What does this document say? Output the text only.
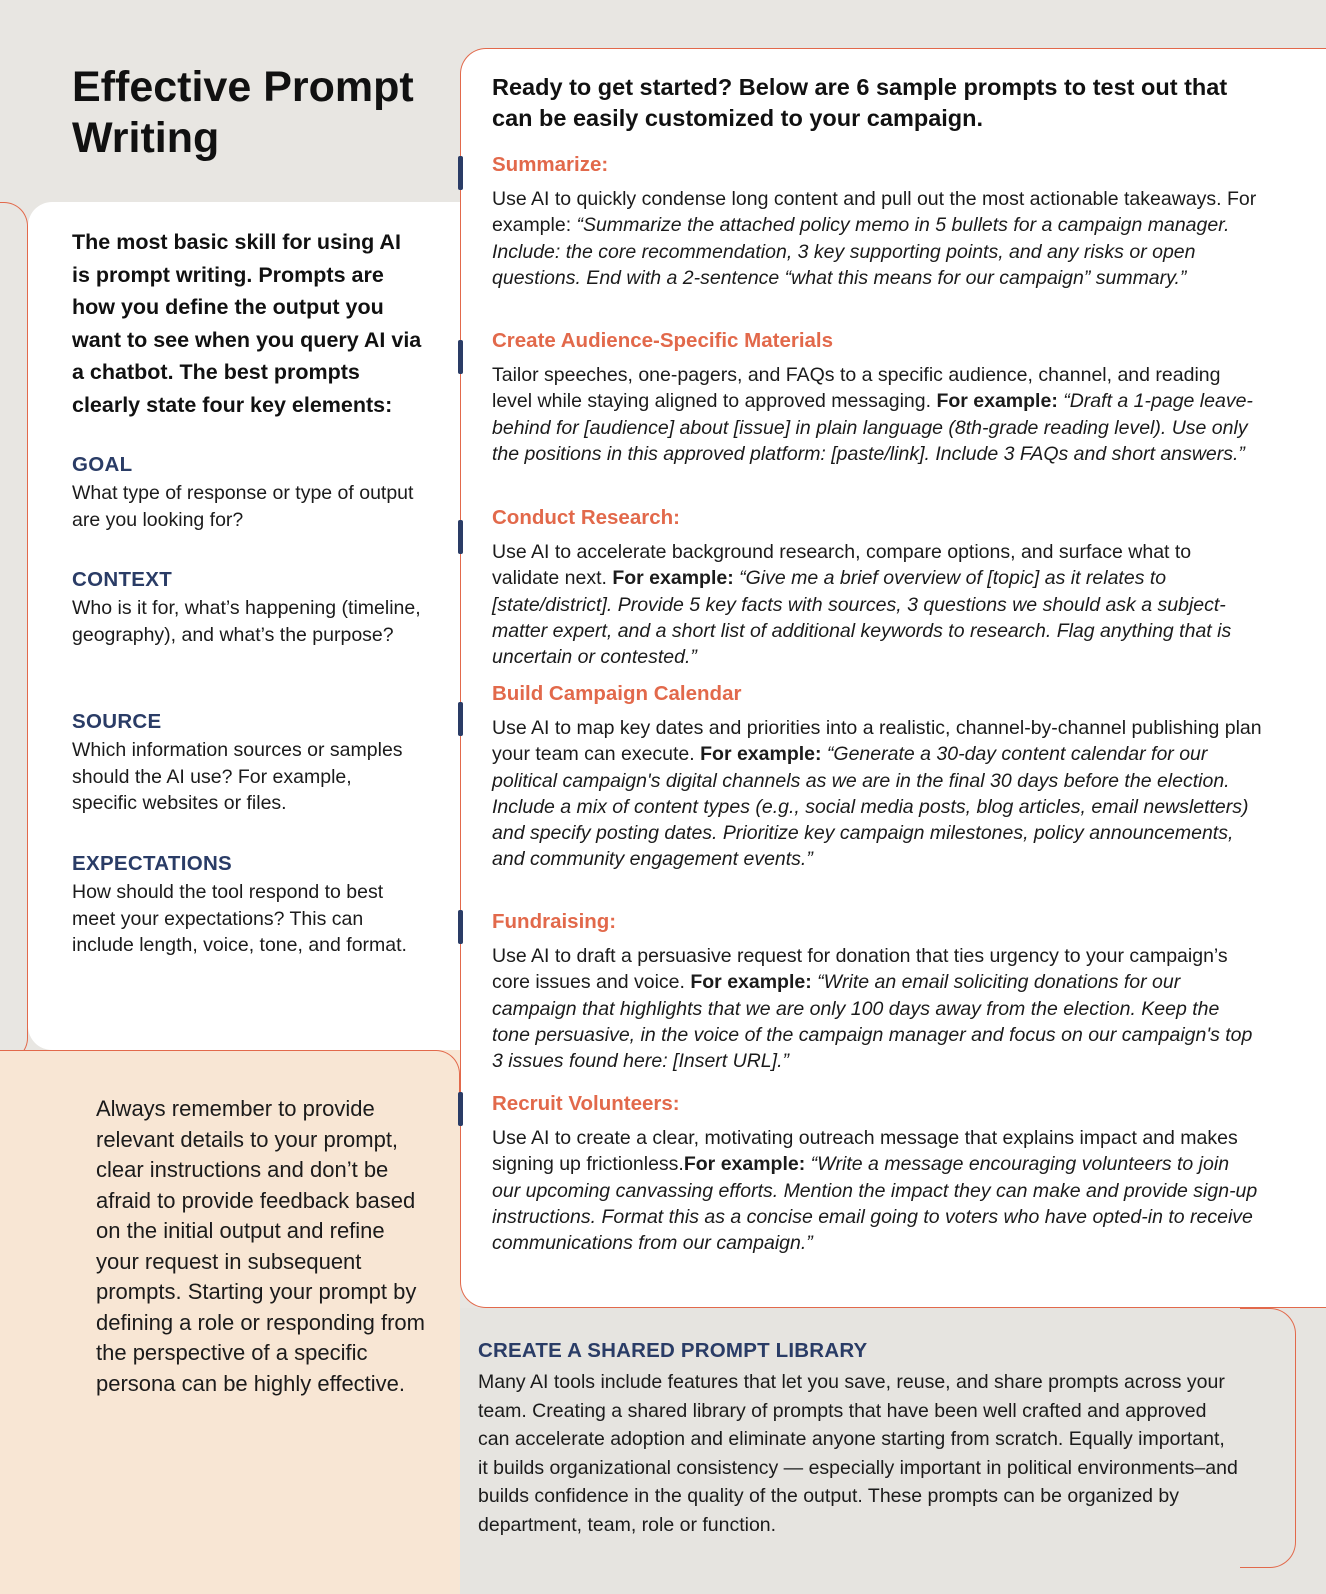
Effective Prompt Writing

The most basic skill for using AI is prompt writing. Prompts are how you define the output you want to see when you query AI via a chatbot. The best prompts clearly state four key elements:

GOAL

What type of response or type of output are you looking for?

CONTEXT

Who is it for, what’s happening (timeline, geography), and what’s the purpose?

SOURCE

Which information sources or samples should the AI use? For example, specific websites or files.

EXPECTATIONS

How should the tool respond to best meet your expectations? This can include length, voice, tone, and format.

Always remember to provide relevant details to your prompt, clear instructions and don’t be afraid to provide feedback based on the initial output and refine your request in subsequent prompts. Starting your prompt by defining a role or responding from the perspective of a specific persona can be highly effective.

Ready to get started? Below are 6 sample prompts to test out that can be easily customized to your campaign.

Summarize:

Use AI to quickly condense long content and pull out the most actionable takeaways. For example: “Summarize the attached policy memo in 5 bullets for a campaign manager. Include: the core recommendation, 3 key supporting points, and any risks or open questions. End with a 2-sentence “what this means for our campaign” summary.”

Create Audience-Specific Materials

Tailor speeches, one-pagers, and FAQs to a specific audience, channel, and reading level while staying aligned to approved messaging. For example: “Draft a 1-page leave-behind for [audience] about [issue] in plain language (8th-grade reading level). Use only the positions in this approved platform: [paste/link]. Include 3 FAQs and short answers.”

Conduct Research:

Use AI to accelerate background research, compare options, and surface what to validate next. For example: “Give me a brief overview of [topic] as it relates to [state/district]. Provide 5 key facts with sources, 3 questions we should ask a subject-matter expert, and a short list of additional keywords to research. Flag anything that is uncertain or contested.”

Build Campaign Calendar

Use AI to map key dates and priorities into a realistic, channel-by-channel publishing plan your team can execute. For example: “Generate a 30-day content calendar for our political campaign's digital channels as we are in the final 30 days before the election. Include a mix of content types (e.g., social media posts, blog articles, email newsletters) and specify posting dates. Prioritize key campaign milestones, policy announcements, and community engagement events.”

Fundraising:

Use AI to draft a persuasive request for donation that ties urgency to your campaign’s core issues and voice. For example: “Write an email soliciting donations for our campaign that highlights that we are only 100 days away from the election. Keep the tone persuasive, in the voice of the campaign manager and focus on our campaign's top 3 issues found here: [Insert URL].”

Recruit Volunteers:

Use AI to create a clear, motivating outreach message that explains impact and makes signing up frictionless.For example: “Write a message encouraging volunteers to join our upcoming canvassing efforts. Mention the impact they can make and provide sign-up instructions. Format this as a concise email going to voters who have opted-in to receive communications from our campaign.”

CREATE A SHARED PROMPT LIBRARY

Many AI tools include features that let you save, reuse, and share prompts across your team. Creating a shared library of prompts that have been well crafted and approved can accelerate adoption and eliminate anyone starting from scratch. Equally important, it builds organizational consistency — especially important in political environments–and builds confidence in the quality of the output. These prompts can be organized by department, team, role or function.
